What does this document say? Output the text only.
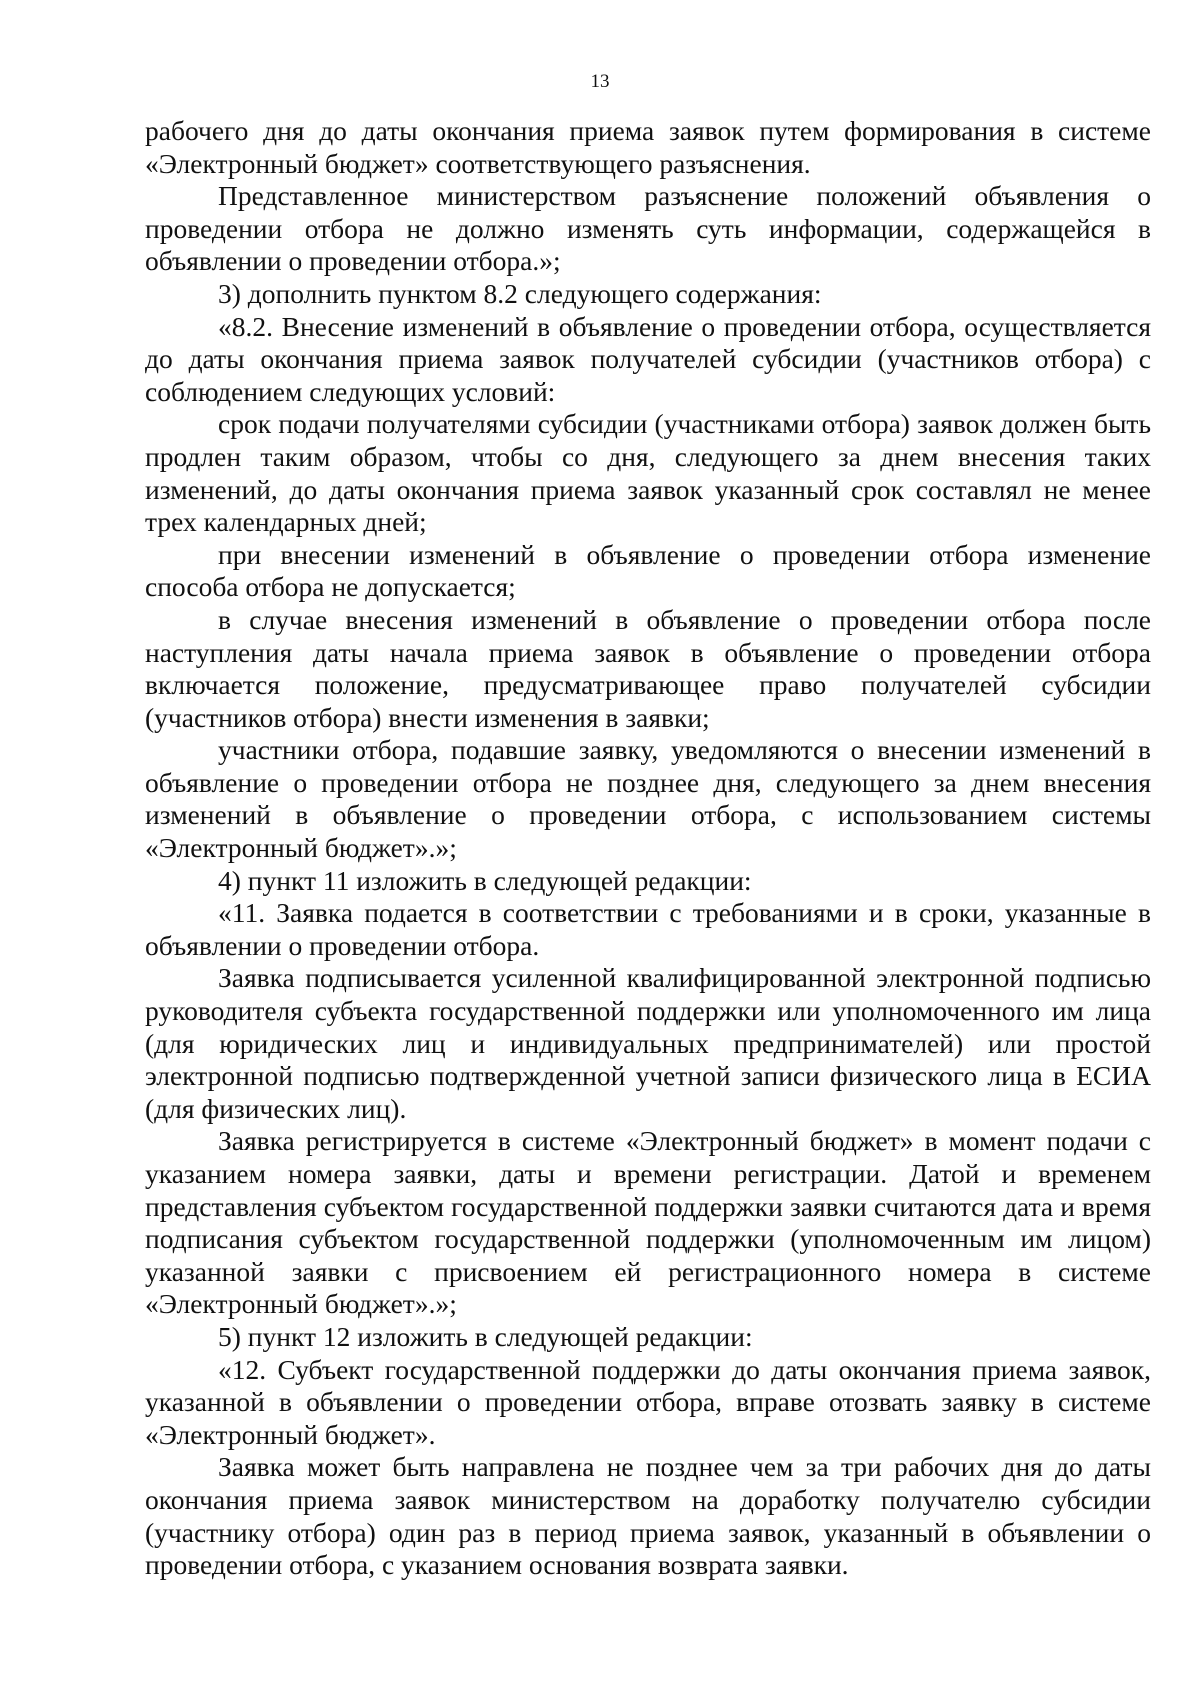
13

рабочего дня до даты окончания приема заявок путем формирования в системе «Электронный бюджет» соответствующего разъяснения.

Представленное министерством разъяснение положений объявления о проведении отбора не должно изменять суть информации, содержащейся в объявлении о проведении отбора.»;

3) дополнить пунктом 8.2 следующего содержания:

«8.2. Внесение изменений в объявление о проведении отбора, осуществляется до даты окончания приема заявок получателей субсидии (участников отбора) с соблюдением следующих условий:

срок подачи получателями субсидии (участниками отбора) заявок должен быть продлен таким образом, чтобы со дня, следующего за днем внесения таких изменений, до даты окончания приема заявок указанный срок составлял не менее трех календарных дней;

при внесении изменений в объявление о проведении отбора изменение способа отбора не допускается;

в случае внесения изменений в объявление о проведении отбора после наступления даты начала приема заявок в объявление о проведении отбора включается положение, предусматривающее право получателей субсидии (участников отбора) внести изменения в заявки;

участники отбора, подавшие заявку, уведомляются о внесении изменений в объявление о проведении отбора не позднее дня, следующего за днем внесения изменений в объявление о проведении отбора, с использованием системы «Электронный бюджет».»;

4) пункт 11 изложить в следующей редакции:

«11. Заявка подается в соответствии с требованиями и в сроки, указанные в объявлении о проведении отбора.

Заявка подписывается усиленной квалифицированной электронной подписью руководителя субъекта государственной поддержки или уполномоченного им лица (для юридических лиц и индивидуальных предпринимателей) или простой электронной подписью подтвержденной учетной записи физического лица в ЕСИА (для физических лиц).

Заявка регистрируется в системе «Электронный бюджет» в момент подачи с указанием номера заявки, даты и времени регистрации. Датой и временем представления субъектом государственной поддержки заявки считаются дата и время подписания субъектом государственной поддержки (уполномоченным им лицом) указанной заявки с присвоением ей регистрационного номера в системе «Электронный бюджет».»;

5) пункт 12 изложить в следующей редакции:

«12. Субъект государственной поддержки до даты окончания приема заявок, указанной в объявлении о проведении отбора, вправе отозвать заявку в системе «Электронный бюджет».

Заявка может быть направлена не позднее чем за три рабочих дня до даты окончания приема заявок министерством на доработку получателю субсидии (участнику отбора) один раз в период приема заявок, указанный в объявлении о проведении отбора, с указанием основания возврата заявки.
